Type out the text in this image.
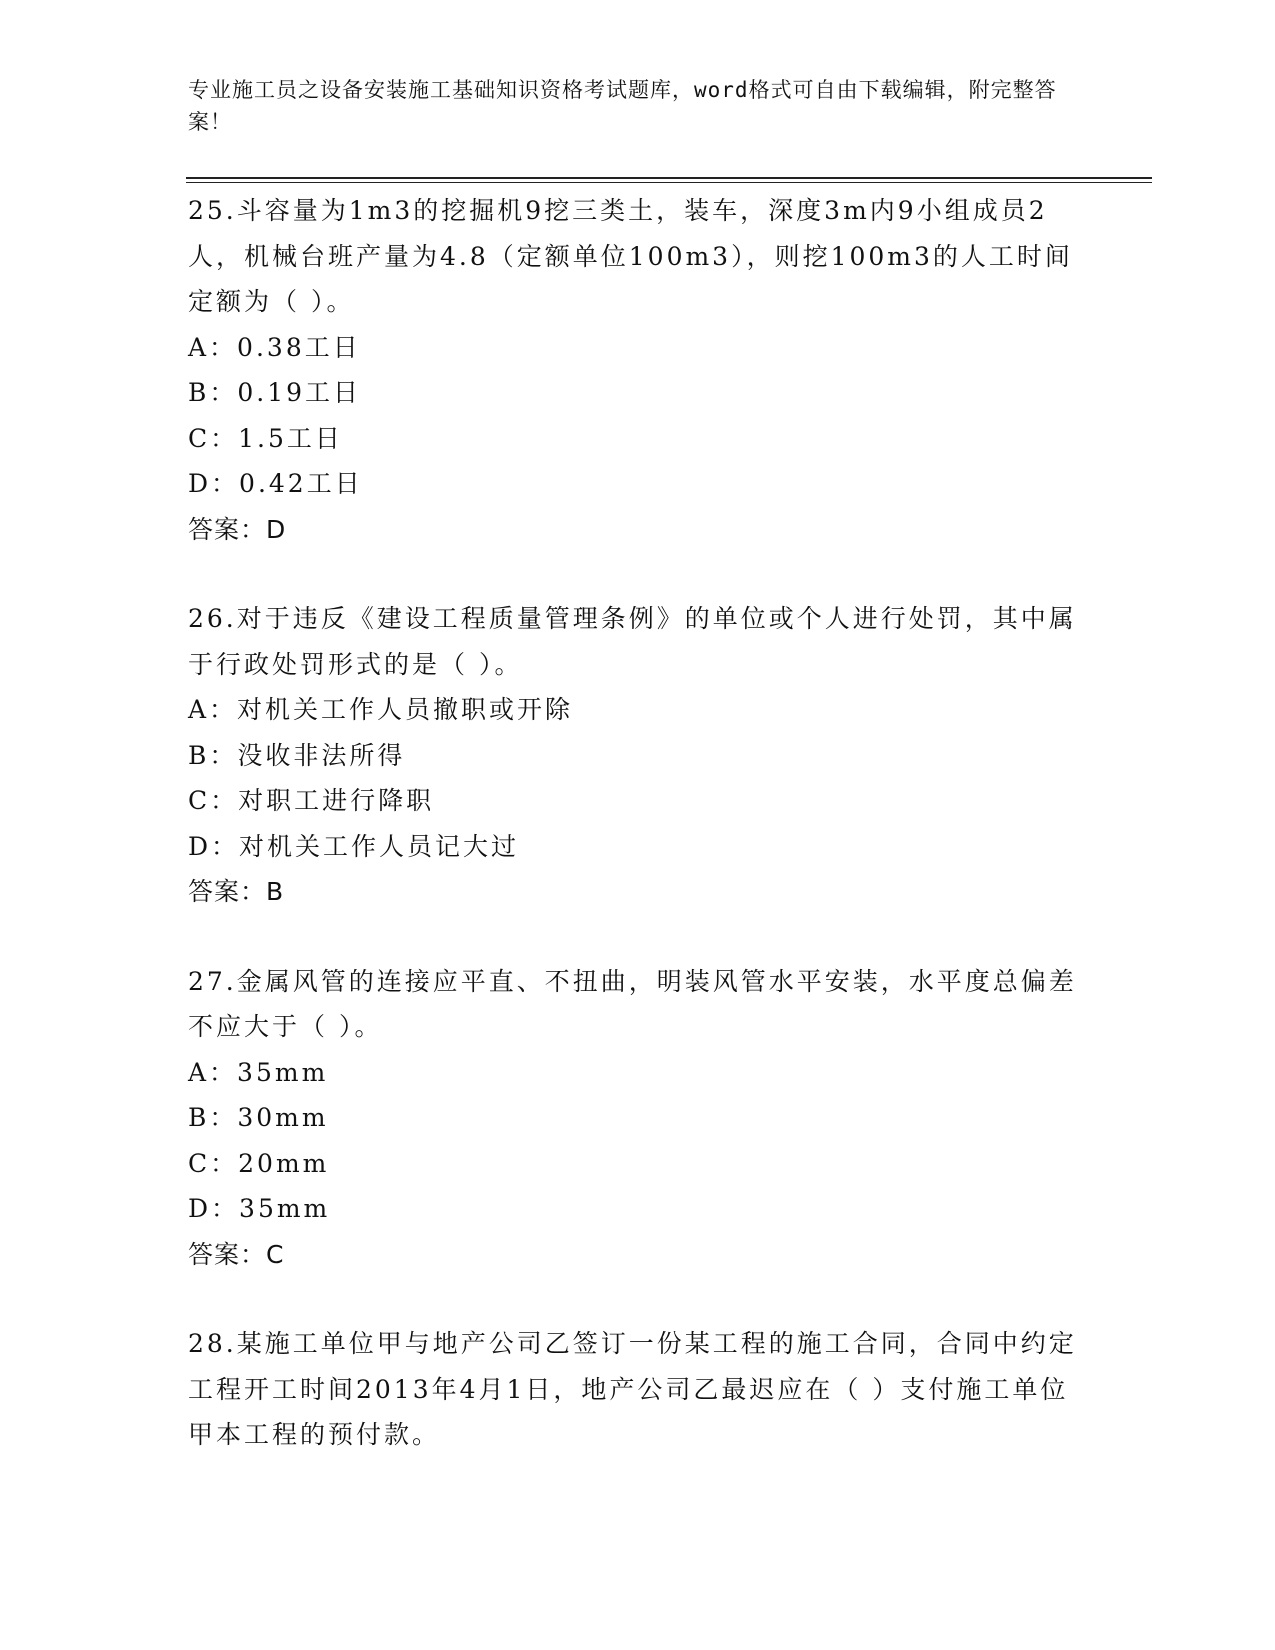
专业施工员之设备安装施工基础知识资格考试题库，word格式可自由下载编辑，附完整答案！
25.斗容量为1m3的挖掘机9挖三类土，装车，深度3m内9小组成员2人，机械台班产量为4.8（定额单位100m3），则挖100m3的人工时间定额为（ ）。
A：0.38工日
B：0.19工日
C：1.5工日
D：0.42工日
答案：D
26.对于违反《建设工程质量管理条例》的单位或个人进行处罚，其中属于行政处罚形式的是（ ）。
A：对机关工作人员撤职或开除
B：没收非法所得
C：对职工进行降职
D：对机关工作人员记大过
答案：B
27.金属风管的连接应平直、不扭曲，明装风管水平安装，水平度总偏差不应大于（ ）。
A：35mm
B：30mm
C：20mm
D：35mm
答案：C
28.某施工单位甲与地产公司乙签订一份某工程的施工合同，合同中约定工程开工时间2013年4月1日，地产公司乙最迟应在（ ）支付施工单位甲本工程的预付款。
